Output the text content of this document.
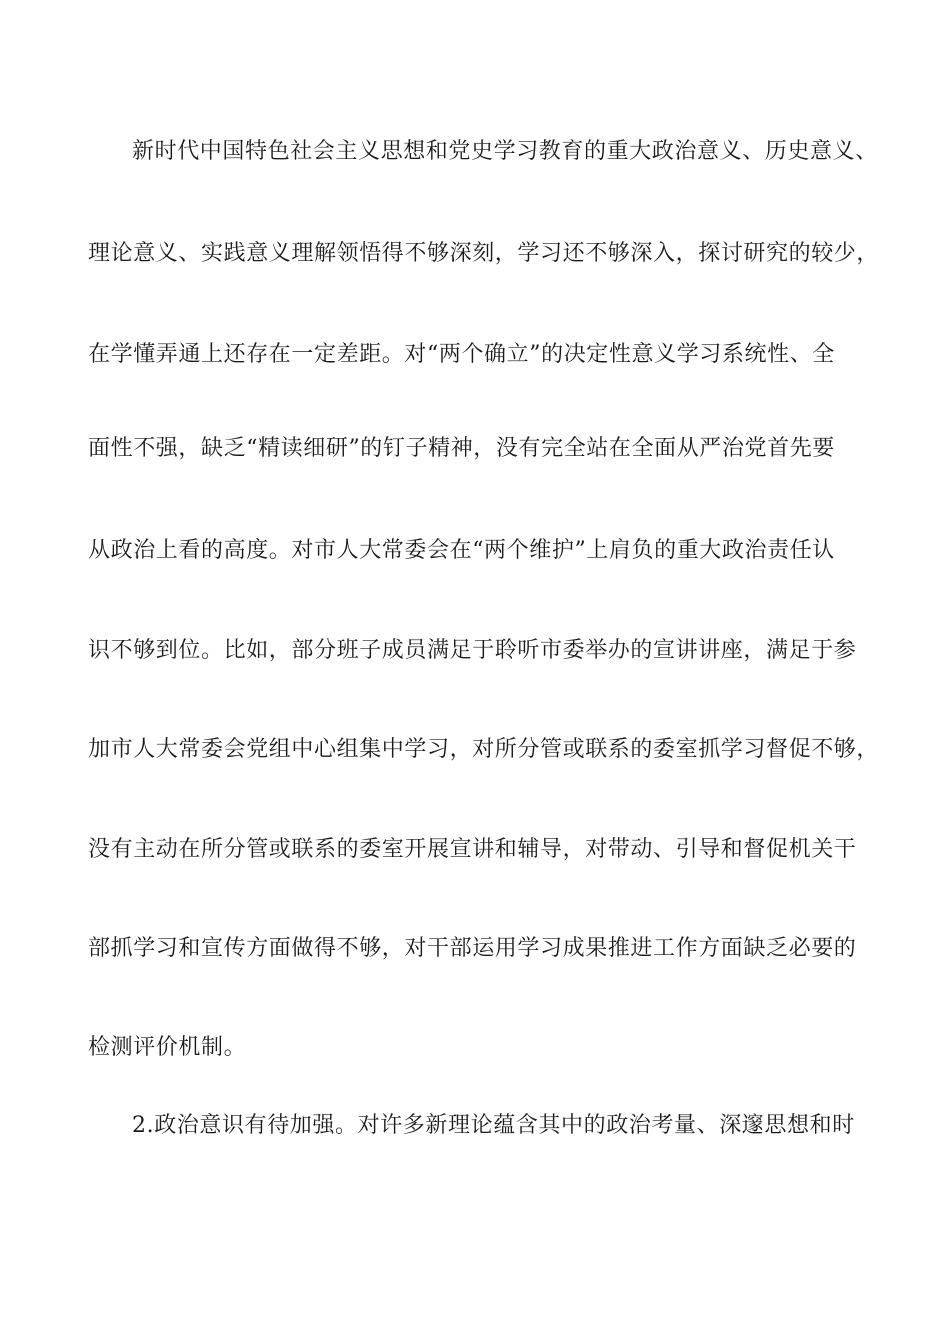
新时代中国特色社会主义思想和党史学习教育的重大政治意义、历史意义、
理论意义、实践意义理解领悟得不够深刻，学习还不够深入，探讨研究的较少，
在学懂弄通上还存在一定差距。对“两个确立”的决定性意义学习系统性、全
面性不强，缺乏“精读细研”的钉子精神，没有完全站在全面从严治党首先要
从政治上看的高度。对市人大常委会在“两个维护”上肩负的重大政治责任认
识不够到位。比如，部分班子成员满足于聆听市委举办的宣讲讲座，满足于参
加市人大常委会党组中心组集中学习，对所分管或联系的委室抓学习督促不够，
没有主动在所分管或联系的委室开展宣讲和辅导，对带动、引导和督促机关干
部抓学习和宣传方面做得不够，对干部运用学习成果推进工作方面缺乏必要的
检测评价机制。
2.政治意识有待加强。对许多新理论蕴含其中的政治考量、深邃思想和时
